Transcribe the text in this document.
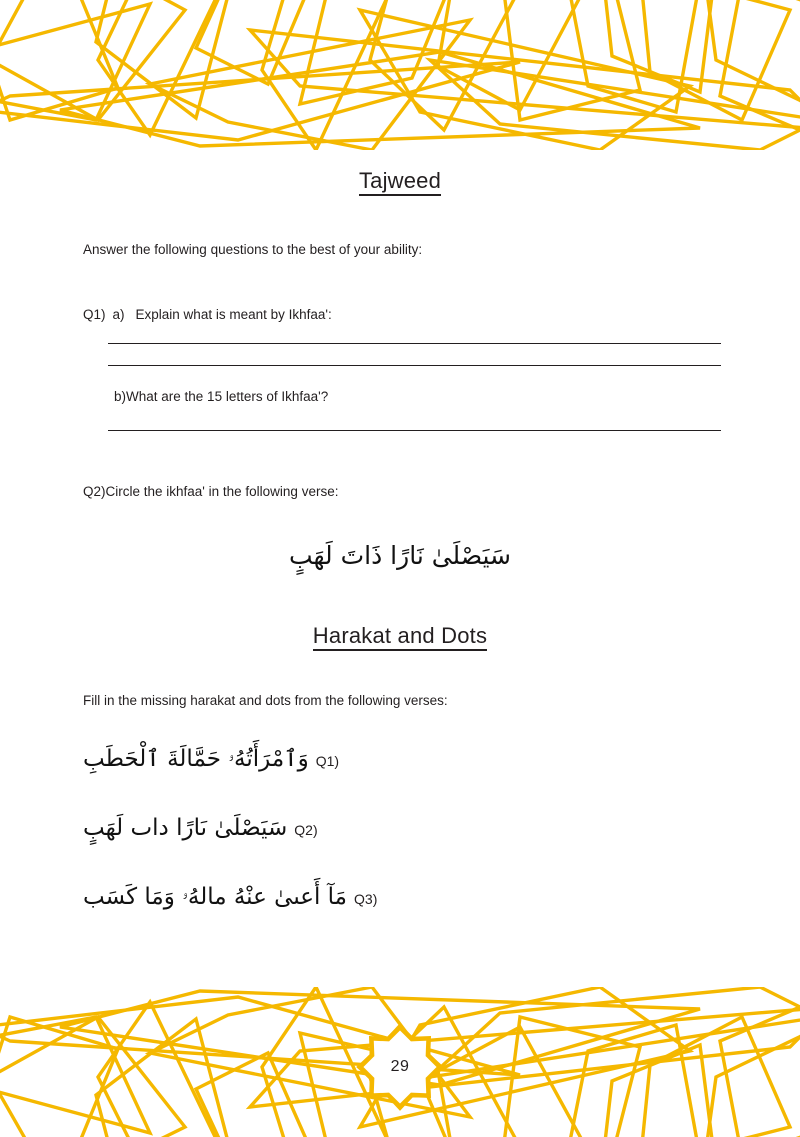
29
Tajweed

Answer the following questions to the best of your ability:

Q1) a) Explain what is meant by Ikhfaa':
b)What are the 15 letters of Ikhfaa'?
Q2) Circle the ikhfaa' in the following verse:
سَيَصْلَىٰ نَارًا ذَاتَ لَهَبٍ
Harakat and Dots

Fill in the missing harakat and dots from the following verses:

Q1)
وَٱمْرَأَتُهُۥ حَمَّالَةَ ٱلْحَطَبِ
Q2)
سَيَصْلَىٰ ىَارًا داٮ لَهَبٍ
Q3)
مَآ أَعىىٰ عنْهُ مالهُۥ وَمَا كَسَب
